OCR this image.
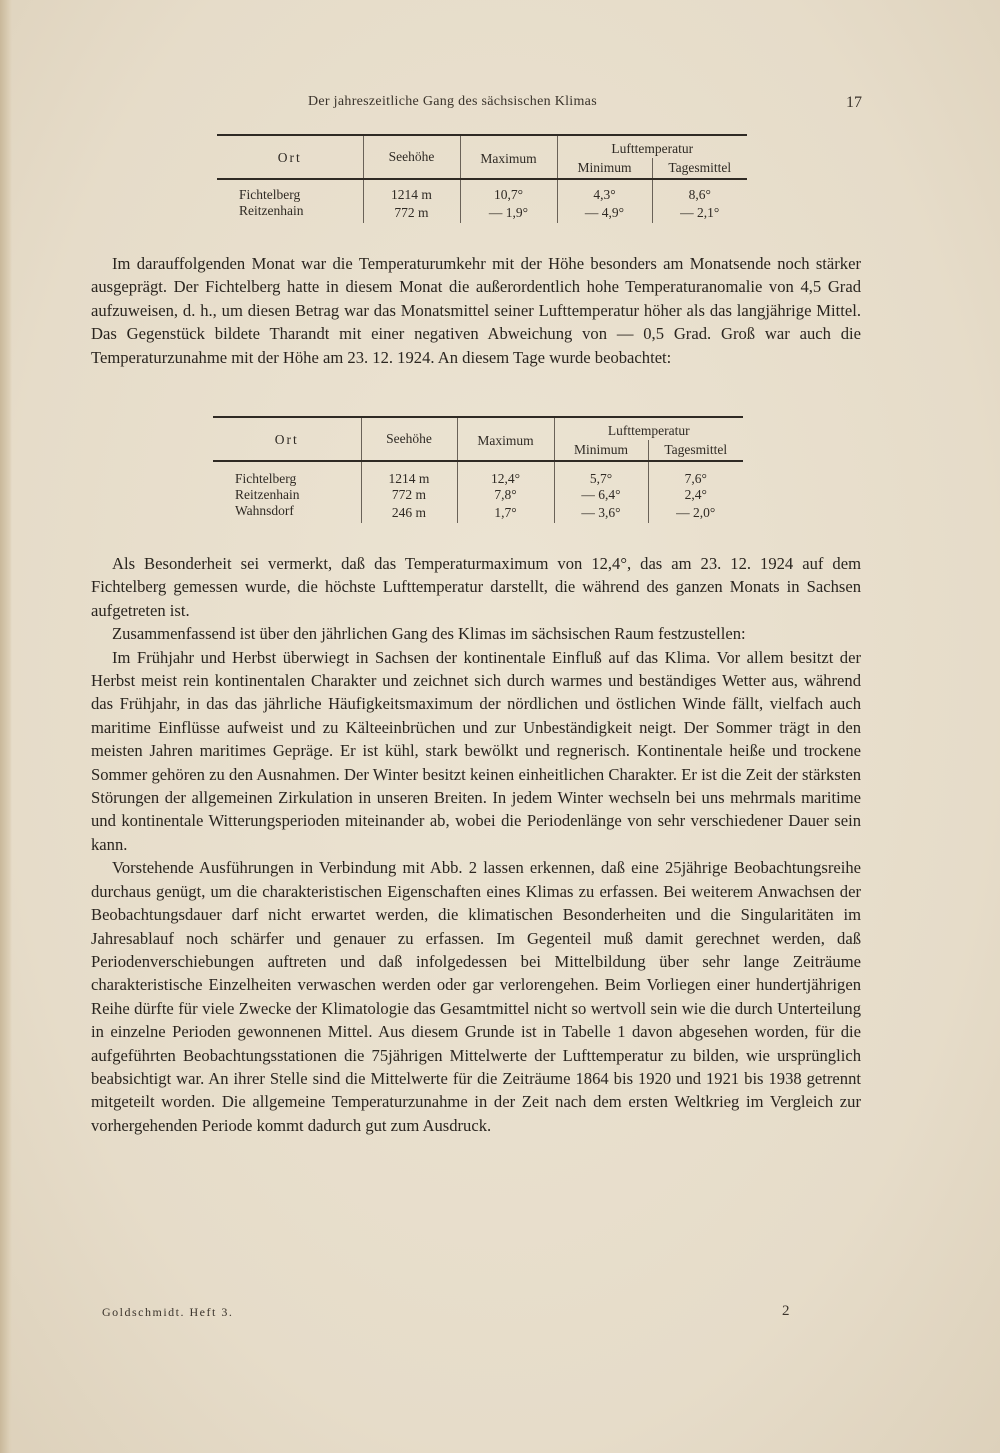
Der jahreszeitliche Gang des sächsischen Klimas	17
Ort	Seehöhe	Maximum	Lufttemperatur	
			Minimum	Tagesmittel
Fichtelberg	1214 m	10,7°	4,3°	8,6°
Reitzenhain	772 m	— 1,9°	— 4,9°	— 2,1°

Im darauffolgenden Monat war die Temperaturumkehr mit der Höhe besonders am Monatsende noch stärker ausgeprägt. Der Fichtelberg hatte in diesem Monat die außerordentlich hohe Temperaturanomalie von 4,5 Grad aufzuweisen, d. h., um diesen Betrag war das Monatsmittel seiner Lufttemperatur höher als das langjährige Mittel. Das Gegenstück bildete Tharandt mit einer negativen Abweichung von — 0,5 Grad. Groß war auch die Temperaturzunahme mit der Höhe am 23. 12. 1924. An diesem Tage wurde beobachtet:

Ort	Seehöhe	Maximum	Lufttemperatur	
			Minimum	Tagesmittel
Fichtelberg	1214 m	12,4°	5,7°	7,6°
Reitzenhain	772 m	7,8°	— 6,4°	2,4°
Wahnsdorf	246 m	1,7°	— 3,6°	— 2,0°

Als Besonderheit sei vermerkt, daß das Temperaturmaximum von 12,4°, das am 23. 12. 1924 auf dem Fichtelberg gemessen wurde, die höchste Lufttemperatur darstellt, die während des ganzen Monats in Sachsen aufgetreten ist.

Zusammenfassend ist über den jährlichen Gang des Klimas im sächsischen Raum festzustellen:

Im Frühjahr und Herbst überwiegt in Sachsen der kontinentale Einfluß auf das Klima. Vor allem besitzt der Herbst meist rein kontinentalen Charakter und zeichnet sich durch warmes und beständiges Wetter aus, während das Frühjahr, in das das jährliche Häufigkeitsmaximum der nördlichen und östlichen Winde fällt, vielfach auch maritime Einflüsse aufweist und zu Kälteeinbrüchen und zur Unbeständigkeit neigt. Der Sommer trägt in den meisten Jahren maritimes Gepräge. Er ist kühl, stark bewölkt und regnerisch. Kontinentale heiße und trockene Sommer gehören zu den Ausnahmen. Der Winter besitzt keinen einheitlichen Charakter. Er ist die Zeit der stärksten Störungen der allgemeinen Zirkulation in unseren Breiten. In jedem Winter wechseln bei uns mehrmals maritime und kontinentale Witterungsperioden miteinander ab, wobei die Periodenlänge von sehr verschiedener Dauer sein kann.

Vorstehende Ausführungen in Verbindung mit Abb. 2 lassen erkennen, daß eine 25jährige Beobachtungsreihe durchaus genügt, um die charakteristischen Eigenschaften eines Klimas zu erfassen. Bei weiterem Anwachsen der Beobachtungsdauer darf nicht erwartet werden, die klimatischen Besonderheiten und die Singularitäten im Jahresablauf noch schärfer und genauer zu erfassen. Im Gegenteil muß damit gerechnet werden, daß Periodenverschiebungen auftreten und daß infolgedessen bei Mittelbildung über sehr lange Zeiträume charakteristische Einzelheiten verwaschen werden oder gar verlorengehen. Beim Vorliegen einer hundertjährigen Reihe dürfte für viele Zwecke der Klimatologie das Gesamtmittel nicht so wertvoll sein wie die durch Unterteilung in einzelne Perioden gewonnenen Mittel. Aus diesem Grunde ist in Tabelle 1 davon abgesehen worden, für die aufgeführten Beobachtungsstationen die 75jährigen Mittelwerte der Lufttemperatur zu bilden, wie ursprünglich beabsichtigt war. An ihrer Stelle sind die Mittelwerte für die Zeiträume 1864 bis 1920 und 1921 bis 1938 getrennt mitgeteilt worden. Die allgemeine Temperaturzunahme in der Zeit nach dem ersten Weltkrieg im Vergleich zur vorhergehenden Periode kommt dadurch gut zum Ausdruck.

Goldschmidt. Heft 3.	2
